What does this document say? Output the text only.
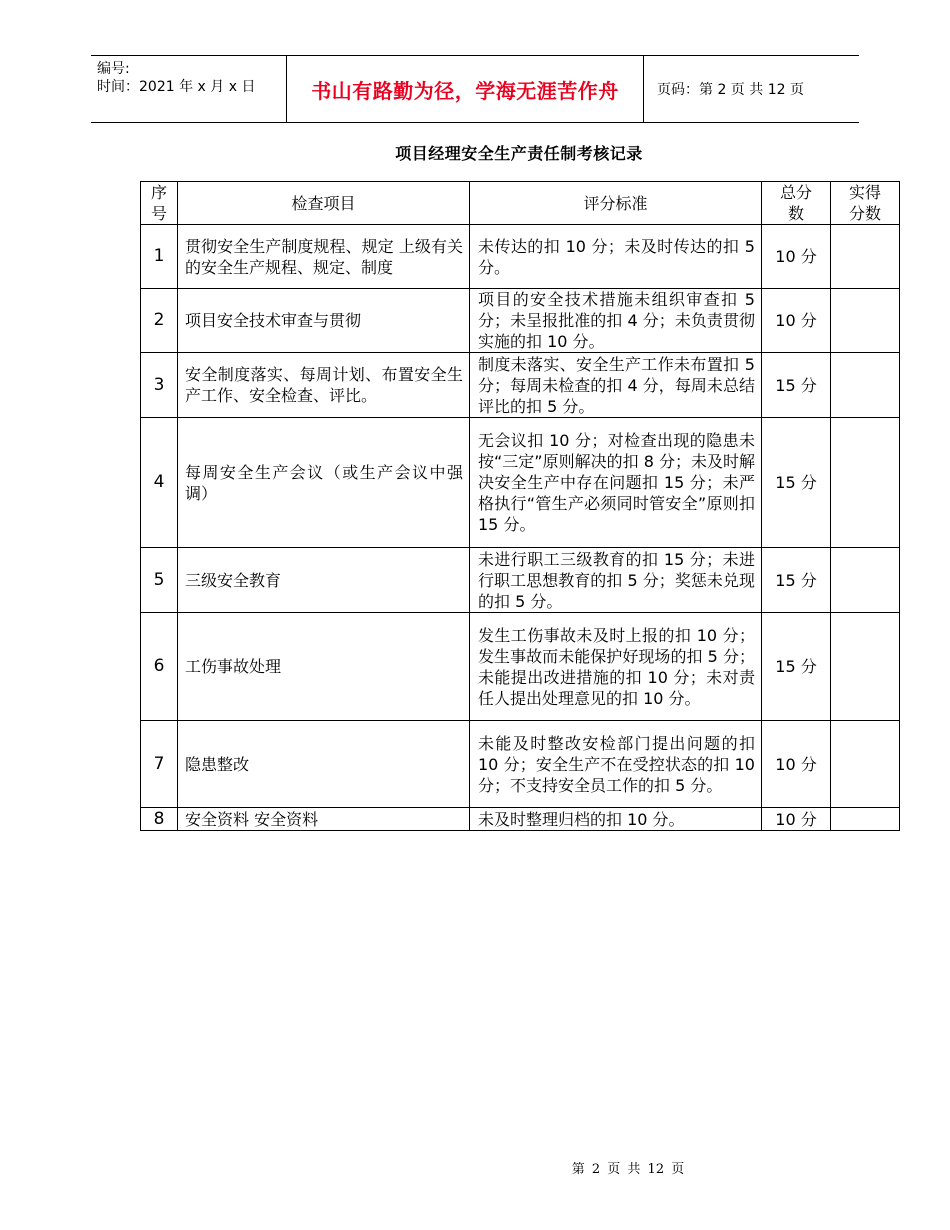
编号:
时间：2021 年 x 月 x 日	书山有路勤为径，学海无涯苦作舟	页码：第 2 页 共 12 页
项目经理安全生产责任制考核记录
序号	检查项目	评分标准	总分数	实得分数
1	贯彻安全生产制度规程、规定 上级有关的安全生产规程、规定、制度	未传达的扣 10 分；未及时传达的扣 5 分。	10 分	
2	项目安全技术审查与贯彻	项目的安全技术措施未组织审查扣 5 分；未呈报批准的扣 4 分；未负责贯彻实施的扣 10 分。	10 分	
3	安全制度落实、每周计划、布置安全生产工作、安全检查、评比。	制度未落实、安全生产工作未布置扣 5 分；每周未检查的扣 4 分，每周未总结评比的扣 5 分。	15 分	
4	每周安全生产会议（或生产会议中强调）	无会议扣 10 分；对检查出现的隐患未按“三定”原则解决的扣 8 分；未及时解决安全生产中存在问题扣 15 分；未严格执行“管生产必须同时管安全”原则扣 15 分。	15 分	
5	三级安全教育	未进行职工三级教育的扣 15 分；未进行职工思想教育的扣 5 分；奖惩未兑现的扣 5 分。	15 分	
6	工伤事故处理	发生工伤事故未及时上报的扣 10 分；发生事故而未能保护好现场的扣 5 分；未能提出改进措施的扣 10 分；未对责任人提出处理意见的扣 10 分。	15 分	
7	隐患整改	未能及时整改安检部门提出问题的扣 10 分；安全生产不在受控状态的扣 10 分；不支持安全员工作的扣 5 分。	10 分	
8	安全资料 安全资料	未及时整理归档的扣 10 分。	10 分	
第 2 页 共 12 页
